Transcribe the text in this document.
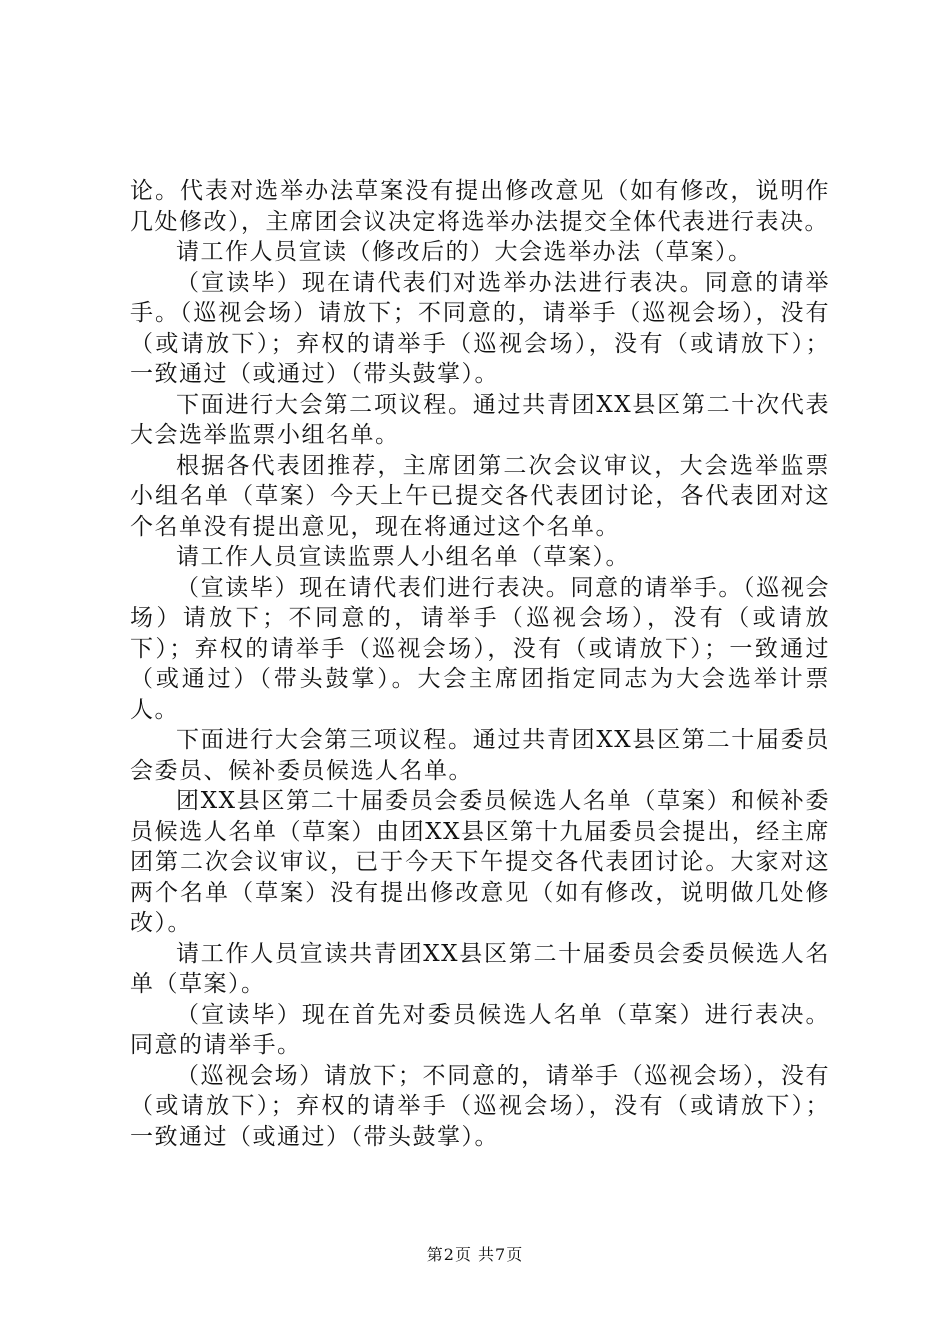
论。代表对选举办法草案没有提出修改意见（如有修改，说明作几处修改），主席团会议决定将选举办法提交全体代表进行表决。

请工作人员宣读（修改后的）大会选举办法（草案）。

（宣读毕）现在请代表们对选举办法进行表决。同意的请举手。（巡视会场）请放下；不同意的，请举手（巡视会场），没有（或请放下）；弃权的请举手（巡视会场），没有（或请放下）；一致通过（或通过）（带头鼓掌）。

下面进行大会第二项议程。通过共青团XX县区第二十次代表大会选举监票小组名单。

根据各代表团推荐，主席团第二次会议审议，大会选举监票小组名单（草案）今天上午已提交各代表团讨论，各代表团对这个名单没有提出意见，现在将通过这个名单。

请工作人员宣读监票人小组名单（草案）。

（宣读毕）现在请代表们进行表决。同意的请举手。（巡视会场）请放下；不同意的，请举手（巡视会场），没有（或请放下）；弃权的请举手（巡视会场），没有（或请放下）；一致通过（或通过）（带头鼓掌）。大会主席团指定同志为大会选举计票人。

下面进行大会第三项议程。通过共青团XX县区第二十届委员会委员、候补委员候选人名单。

团XX县区第二十届委员会委员候选人名单（草案）和候补委员候选人名单（草案）由团XX县区第十九届委员会提出，经主席团第二次会议审议，已于今天下午提交各代表团讨论。大家对这两个名单（草案）没有提出修改意见（如有修改，说明做几处修改）。

请工作人员宣读共青团XX县区第二十届委员会委员候选人名单（草案）。

（宣读毕）现在首先对委员候选人名单（草案）进行表决。同意的请举手。

（巡视会场）请放下；不同意的，请举手（巡视会场），没有（或请放下）；弃权的请举手（巡视会场），没有（或请放下）；一致通过（或通过）（带头鼓掌）。

第2页 共7页
